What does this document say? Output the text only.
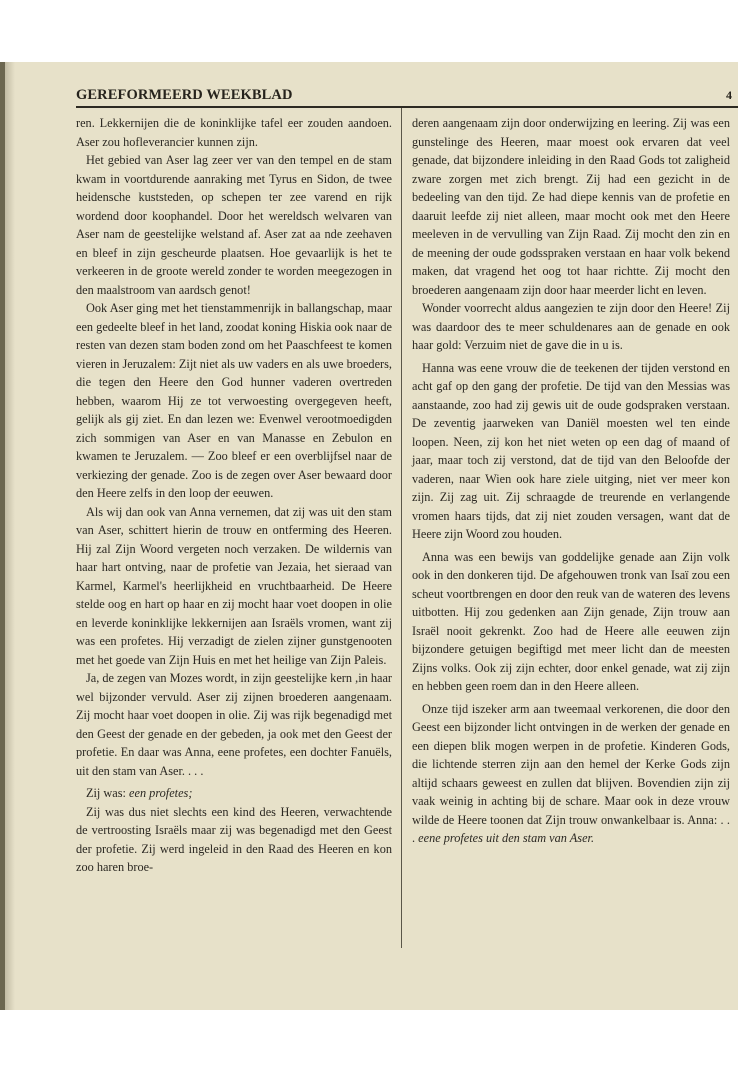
GEREFORMEERD WEEKBLAD	4

ren. Lekkernijen die de koninklijke tafel eer zouden aandoen. Aser zou hofleverancier kunnen zijn.

Het gebied van Aser lag zeer ver van den tempel en de stam kwam in voortdurende aanraking met Tyrus en Sidon, de twee heidensche kuststeden, op schepen ter zee varend en rijk wordend door koophandel. Door het wereldsch welvaren van Aser nam de geestelijke welstand af. Aser zat aa nde zeehaven en bleef in zijn gescheurde plaatsen. Hoe gevaarlijk is het te verkeeren in de groote wereld zonder te worden meegezogen in den maalstroom van aardsch genot!

Ook Aser ging met het tienstammenrijk in ballangschap, maar een gedeelte bleef in het land, zoodat koning Hiskia ook naar de resten van dezen stam boden zond om het Paaschfeest te komen vieren in Jeruzalem: Zijt niet als uw vaders en als uwe broeders, die tegen den Heere den God hunner vaderen overtreden hebben, waarom Hij ze tot verwoesting overgegeven heeft, gelijk als gij ziet. En dan lezen we: Evenwel verootmoedigden zich sommigen van Aser en van Manasse en Zebulon en kwamen te Jeruzalem. — Zoo bleef er een overblijfsel naar de verkiezing der genade. Zoo is de zegen over Aser bewaard door den Heere zelfs in den loop der eeuwen.

Als wij dan ook van Anna vernemen, dat zij was uit den stam van Aser, schittert hierin de trouw en ontferming des Heeren. Hij zal Zijn Woord vergeten noch verzaken. De wildernis van haar hart ontving, naar de profetie van Jezaia, het sieraad van Karmel, Karmel's heerlijkheid en vruchtbaarheid. De Heere stelde oog en hart op haar en zij mocht haar voet doopen in olie en leverde koninklijke lekkernijen aan Israëls vromen, want zij was een profetes. Hij verzadigt de zielen zijner gunstgenooten met het goede van Zijn Huis en met het heilige van Zijn Paleis.

Ja, de zegen van Mozes wordt, in zijn geestelijke kern ,in haar wel bijzonder vervuld. Aser zij zijnen broederen aangenaam. Zij mocht haar voet doopen in olie. Zij was rijk begenadigd met den Geest der genade en der gebeden, ja ook met den Geest der profetie. En daar was Anna, eene profetes, een dochter Fanuëls, uit den stam van Aser. . . .

Zij was: een profetes;

Zij was dus niet slechts een kind des Heeren, verwachtende de vertroosting Israëls maar zij was begenadigd met den Geest der profetie. Zij werd ingeleid in den Raad des Heeren en kon zoo haren broe-

deren aangenaam zijn door onderwijzing en leering. Zij was een gunstelinge des Heeren, maar moest ook ervaren dat veel genade, dat bijzondere inleiding in den Raad Gods tot zaligheid zware zorgen met zich brengt. Zij had een gezicht in de bedeeling van den tijd. Ze had diepe kennis van de profetie en daaruit leefde zij niet alleen, maar mocht ook met den Heere meeleven in de vervulling van Zijn Raad. Zij mocht den zin en de meening der oude godsspraken verstaan en haar volk bekend maken, dat vragend het oog tot haar richtte. Zij mocht den broederen aangenaam zijn door haar meerder licht en leven.

Wonder voorrecht aldus aangezien te zijn door den Heere! Zij was daardoor des te meer schuldenares aan de genade en ook haar gold: Verzuim niet de gave die in u is.

Hanna was eene vrouw die de teekenen der tijden verstond en acht gaf op den gang der profetie. De tijd van den Messias was aanstaande, zoo had zij gewis uit de oude godspraken verstaan. De zeventig jaarweken van Daniël moesten wel ten einde loopen. Neen, zij kon het niet weten op een dag of maand of jaar, maar toch zij verstond, dat de tijd van den Beloofde der vaderen, naar Wien ook hare ziele uitging, niet ver meer kon zijn. Zij zag uit. Zij schraagde de treurende en verlangende vromen haars tijds, dat zij niet zouden versagen, want dat de Heere zijn Woord zou houden.

Anna was een bewijs van goddelijke genade aan Zijn volk ook in den donkeren tijd. De afgehouwen tronk van Isaï zou een scheut voortbrengen en door den reuk van de wateren des levens uitbotten. Hij zou gedenken aan Zijn genade, Zijn trouw aan Israël nooit gekrenkt. Zoo had de Heere alle eeuwen zijn bijzondere getuigen begiftigd met meer licht dan de meesten Zijns volks. Ook zij zijn echter, door enkel genade, wat zij zijn en hebben geen roem dan in den Heere alleen.

Onze tijd iszeker arm aan tweemaal verkorenen, die door den Geest een bijzonder licht ontvingen in de werken der genade en een diepen blik mogen werpen in de profetie. Kinderen Gods, die lichtende sterren zijn aan den hemel der Kerke Gods zijn altijd schaars geweest en zullen dat blijven. Bovendien zijn zij vaak weinig in achting bij de schare. Maar ook in deze vrouw wilde de Heere toonen dat Zijn trouw onwankelbaar is. Anna: . . . eene profetes uit den stam van Aser.
